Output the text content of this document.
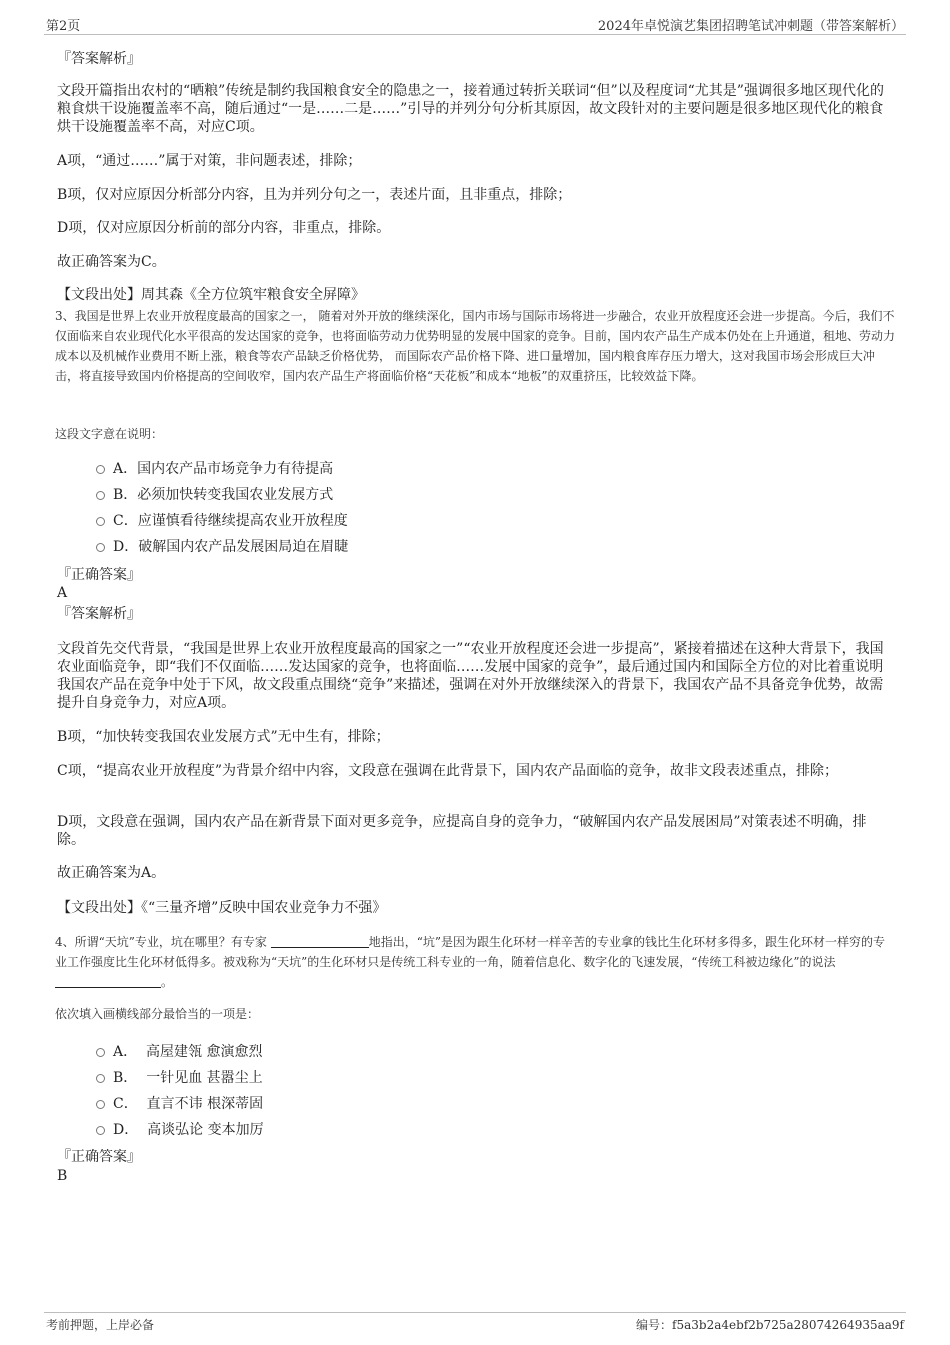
第2页	2024年卓悦演艺集团招聘笔试冲刺题（带答案解析）

『答案解析』

文段开篇指出农村的“晒粮”传统是制约我国粮食安全的隐患之一，接着通过转折关联词“但”以及程度词“尤其是”强调很多地区现代化的粮食烘干设施覆盖率不高，随后通过“一是……二是……”引导的并列分句分析其原因，故文段针对的主要问题是很多地区现代化的粮食烘干设施覆盖率不高，对应C项。

A项，“通过……”属于对策，非问题表述，排除；

B项，仅对应原因分析部分内容，且为并列分句之一，表述片面，且非重点，排除；

D项，仅对应原因分析前的部分内容，非重点，排除。

故正确答案为C。

【文段出处】周其森《全方位筑牢粮食安全屏障》

3、我国是世界上农业开放程度最高的国家之一， 随着对外开放的继续深化，国内市场与国际市场将进一步融合，农业开放程度还会进一步提高。今后，我们不仅面临来自农业现代化水平很高的发达国家的竞争，也将面临劳动力优势明显的发展中国家的竞争。目前，国内农产品生产成本仍处在上升通道，租地、劳动力成本以及机械作业费用不断上涨，粮食等农产品缺乏价格优势， 而国际农产品价格下降、进口量增加，国内粮食库存压力增大，这对我国市场会形成巨大冲击，将直接导致国内价格提高的空间收窄，国内农产品生产将面临价格“天花板”和成本“地板”的双重挤压，比较效益下降。

这段文字意在说明：

A．国内农产品市场竞争力有待提高
B．必须加快转变我国农业发展方式
C．应谨慎看待继续提高农业开放程度
D．破解国内农产品发展困局迫在眉睫

『正确答案』

A

『答案解析』

文段首先交代背景，“我国是世界上农业开放程度最高的国家之一”“农业开放程度还会进一步提高”，紧接着描述在这种大背景下，我国农业面临竞争，即“我们不仅面临……发达国家的竞争，也将面临……发展中国家的竞争”，最后通过国内和国际全方位的对比着重说明我国农产品在竞争中处于下风，故文段重点围绕“竞争”来描述，强调在对外开放继续深入的背景下，我国农产品不具备竞争优势，故需提升自身竞争力，对应A项。

B项，“加快转变我国农业发展方式”无中生有，排除；

C项，“提高农业开放程度”为背景介绍中内容，文段意在强调在此背景下，国内农产品面临的竞争，故非文段表述重点，排除；

D项，文段意在强调，国内农产品在新背景下面对更多竞争，应提高自身的竞争力，“破解国内农产品发展困局”对策表述不明确，排除。

故正确答案为A。

【文段出处】《“三量齐增”反映中国农业竞争力不强》

4、所谓“天坑”专业，坑在哪里？有专家	地指出，“坑”是因为跟生化环材一样辛苦的专业拿的钱比生化环材多得多，跟生化环材一样穷的专业工作强度比生化环材低得多。被戏称为“天坑”的生化环材只是传统工科专业的一角，随着信息化、数字化的飞速发展，“传统工科被边缘化”的说法 。

依次填入画横线部分最恰当的一项是：

A． 高屋建瓴 愈演愈烈
B． 一针见血 甚嚣尘上
C． 直言不讳 根深蒂固
D． 高谈弘论 变本加厉

『正确答案』

B

考前押题，上岸必备	编号：f5a3b2a4ebf2b725a28074264935aa9f
